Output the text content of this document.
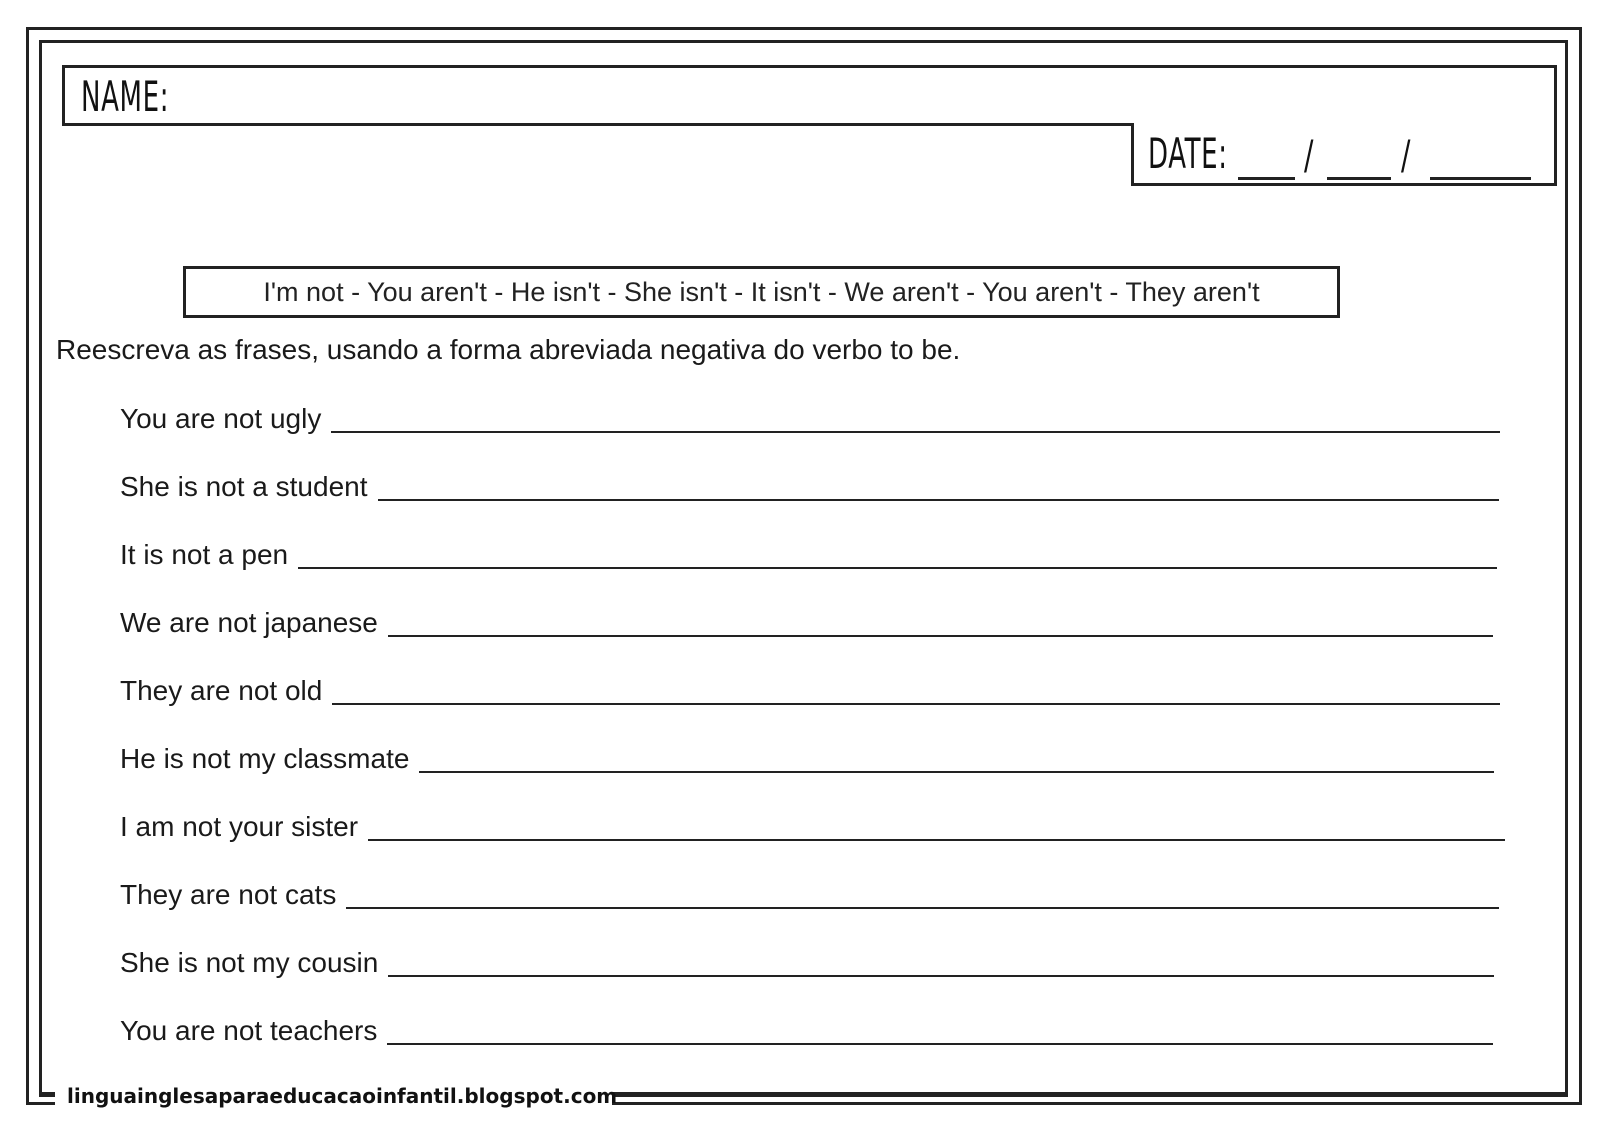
NAME:
DATE: / /
I'm not - You aren't - He isn't - She isn't - It isn't - We aren't - You aren't - They aren't
Reescreva as frases, usando a forma abreviada negativa do verbo to be.
You are not ugly
She is not a student
It is not a pen
We are not japanese
They are not old
He is not my classmate
I am not your sister
They are not cats
She is not my cousin
You are not teachers
linguainglesaparaeducacaoinfantil.blogspot.com
